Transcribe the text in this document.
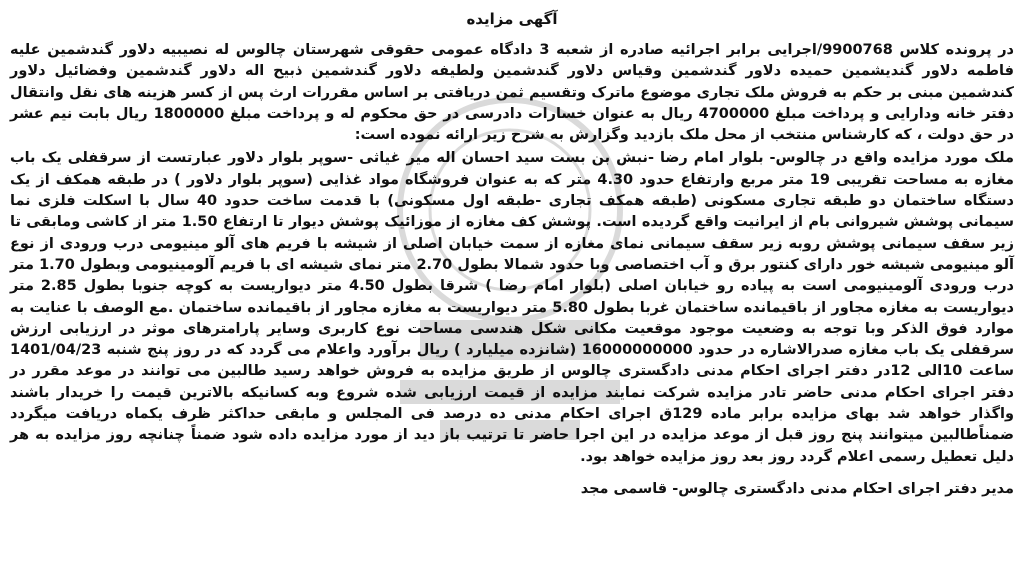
آگهی مزایده

در پرونده کلاس 9900768/اجرایی برابر اجرائیه صادره از شعبه 3 دادگاه عمومی حقوقی شهرستان چالوس له نصیبیه دلاور گندشمین علیه فاطمه دلاور گندیشمین حمیده دلاور گندشمین وقیاس دلاور گندشمین ولطیفه دلاور گندشمین ذبیح اله دلاور گندشمین وفضائیل دلاور کندشمین مبنی بر حکم به فروش ملک تجاری موضوع ماترک وتقسیم ثمن دریافتی بر اساس مقررات ارث پس از کسر هزینه های نقل وانتقال دفتر خانه ودارایی و پرداخت مبلغ 4700000 ریال به عنوان خسارات دادرسی در حق محکوم له و پرداخت مبلغ 1800000 ریال بابت نیم عشر در حق دولت ، که کارشناس منتخب از محل ملک بازدید وگزارش به شرح زیر ارائه نموده است:

ملک مورد مزایده واقع در چالوس- بلوار امام رضا -نبش بن بست سید احسان اله میر غیاثی -سوپر بلوار دلاور عبارتست از سرقفلی یک باب مغازه به مساحت تقریبی 19 متر مربع وارتفاع حدود 4.30 متر که به عنوان فروشگاه مواد غذایی (سوپر بلوار دلاور ) در طبقه همکف از یک دستگاه ساختمان دو طبقه تجاری مسکونی (طبقه همکف تجاری -طبقه اول مسکونی) با قدمت ساخت حدود 40 سال با اسکلت فلزی نما سیمانی پوشش شیروانی بام از ایرانیت واقع گردیده است. پوشش کف مغازه از موزائیک پوشش دیوار تا ارتفاع 1.50 متر از کاشی ومابقی تا زیر سقف سیمانی پوشش روبه زیر سقف سیمانی نمای مغازه از سمت خیابان اصلی از شیشه با فریم های آلو مینیومی درب ورودی از نوع آلو مینیومی شیشه خور دارای کنتور برق و آب اختصاصی وبا حدود شمالا بطول 2.70 متر نمای شیشه ای با فریم آلومینیومی وبطول 1.70 متر درب ورودی آلومینیومی است به پیاده رو خیابان اصلی (بلوار امام رضا ) شرقا بطول 4.50 متر دیواریست به کوچه جنوبا بطول 2.85 متر دیواریست به مغازه مجاور از باقیمانده ساختمان غربا بطول 5.80 متر دیواریست به مغازه مجاور از باقیمانده ساختمان .مع الوصف با عنایت به موارد فوق الذکر وبا توجه به وضعیت موجود موقعیت مکانی شکل هندسی مساحت نوع کاربری وسایر پارامترهای موثر در ارزیابی ارزش سرقفلی یک باب مغازه صدرالاشاره در حدود 16000000000 (شانزده میلیارد ) ریال برآورد واعلام می گردد که در روز پنج شنبه 1401/04/23 ساعت 10الی 12در دفتر اجرای احکام مدنی دادگستری چالوس از طریق مزایده به فروش خواهد رسید طالبین می توانند در موعد مقرر در دفتر اجرای احکام مدنی حاضر تادر مزایده شرکت نمایند مزایده از قیمت ارزیابی شده شروع وبه کسانیکه بالاترین قیمت را خریدار باشند واگذار خواهد شد بهای مزایده برابر ماده 129ق اجرای احکام مدنی ده درصد فی المجلس و مابقی حداکثر ظرف یکماه دریافت میگردد ضمناًطالبین میتوانند پنج روز قبل از موعد مزایده در این اجرا حاضر تا ترتیب باز دید از مورد مزایده داده شود ضمناً چنانچه روز مزایده به هر دلیل تعطیل رسمی اعلام گردد روز بعد روز مزایده خواهد بود.

مدیر دفتر اجرای احکام مدنی دادگستری چالوس- قاسمی مجد
